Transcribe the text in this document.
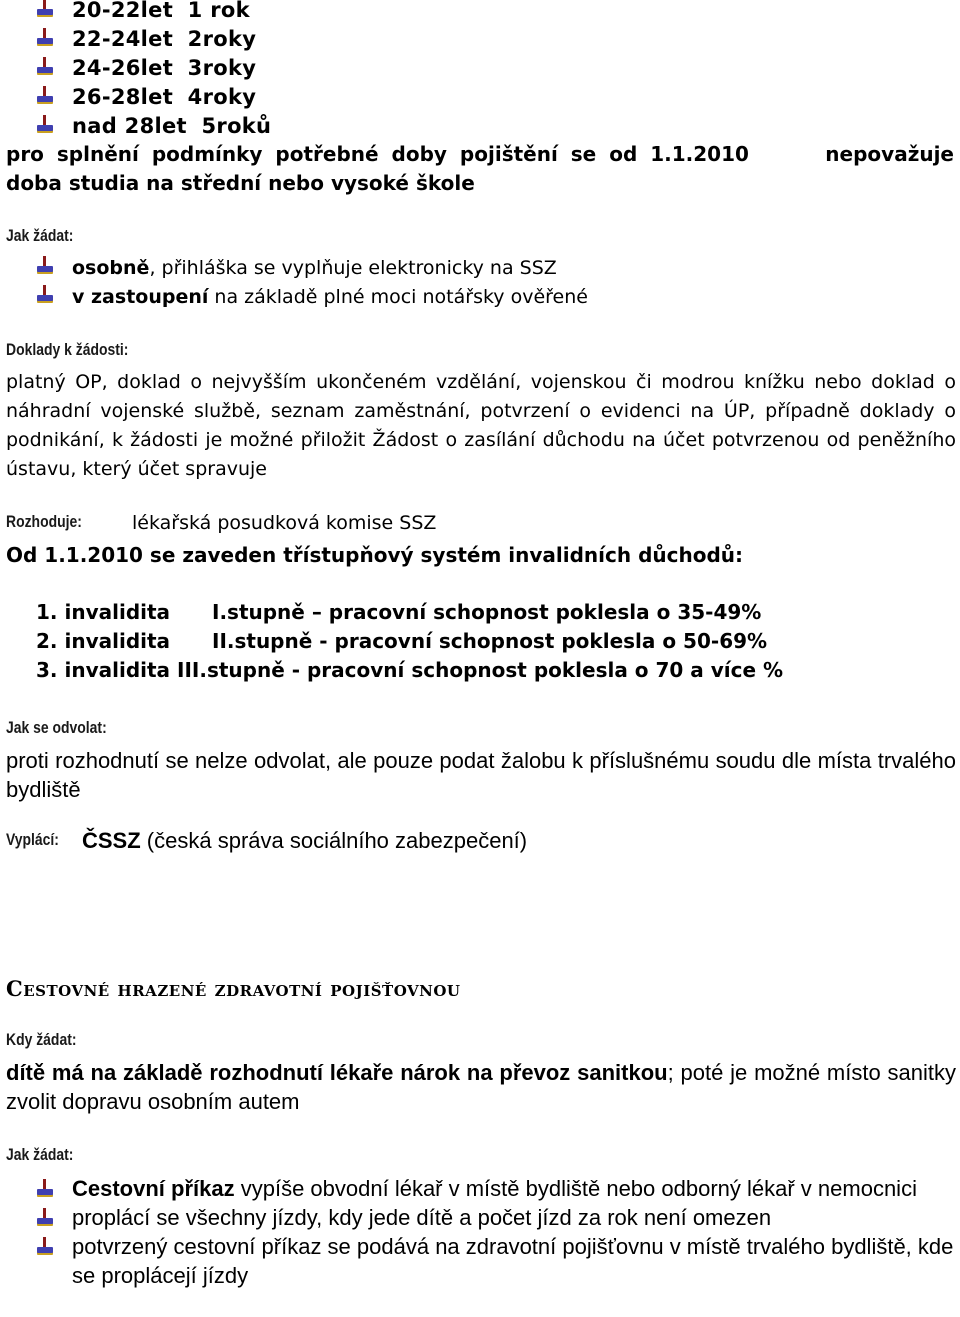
20-22let 1 rok
22-24let 2roky
24-26let 3roky
26-28let 4roky
nad 28let 5roků
pro splnění podmínky potřebné doby pojištění se od 1.1.2010	nepovažuje
doba studia na střední nebo vysoké škole
Jak žádat:
osobně, přihláška se vyplňuje elektronicky na SSZ
v zastoupení na základě plné moci notářsky ověřené
Doklady k žádosti:
platný OP, doklad o nejvyšším ukončeném vzdělání, vojenskou či modrou knížku nebo doklad o náhradní vojenské službě, seznam zaměstnání, potvrzení o evidenci na ÚP, případně doklady o podnikání, k žádosti je možné přiložit Žádost o zasílání důchodu na účet potvrzenou od peněžního ústavu, který účet spravuje
Rozhoduje:	lékařská posudková komise SSZ
Od 1.1.2010 se zaveden třístupňový systém invalidních důchodů:
1. invalidita I.stupně – pracovní schopnost poklesla o 35-49%
2. invalidita II.stupně - pracovní schopnost poklesla o 50-69%
3. invalidita III.stupně - pracovní schopnost poklesla o 70 a více %
Jak se odvolat:
proti rozhodnutí se nelze odvolat, ale pouze podat žalobu k příslušnému soudu dle místa trvalého bydliště
Vyplácí: ČSSZ (česká správa sociálního zabezpečení)
Cestovné hrazené zdravotní pojišťovnou
Kdy žádat:
dítě má na základě rozhodnutí lékaře nárok na převoz sanitkou; poté je možné místo sanitky zvolit dopravu osobním autem
Jak žádat:
Cestovní příkaz vypíše obvodní lékař v místě bydliště nebo odborný lékař v nemocnici
proplácí se všechny jízdy, kdy jede dítě a počet jízd za rok není omezen
potvrzený cestovní příkaz se podává na zdravotní pojišťovnu v místě trvalého bydliště, kde se proplácejí jízdy
